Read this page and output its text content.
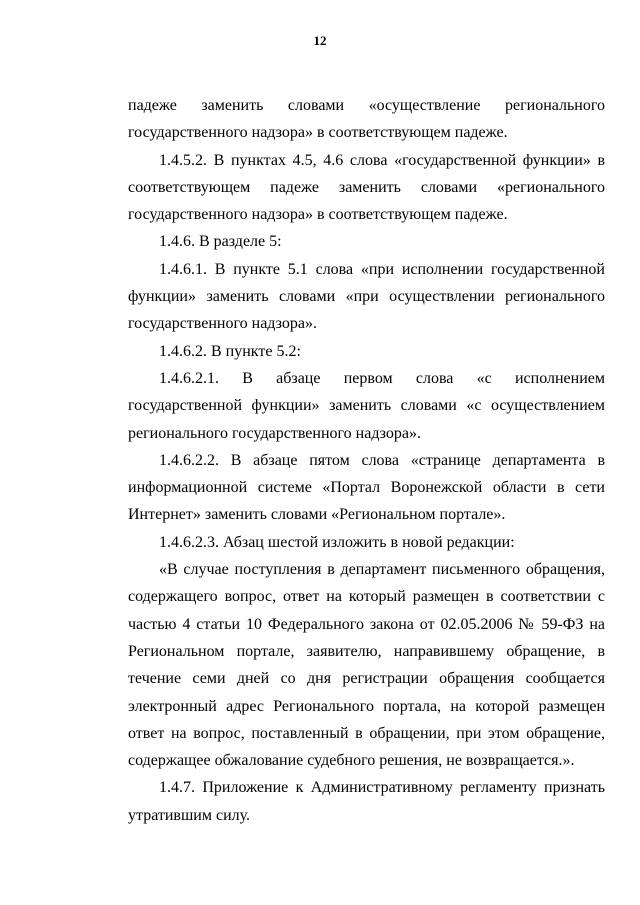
12

падеже заменить словами «осуществление регионального государственного надзора» в соответствующем падеже.

1.4.5.2. В пунктах 4.5, 4.6 слова «государственной функции» в соответствующем падеже заменить словами «регионального государственного надзора» в соответствующем падеже.

1.4.6. В разделе 5:

1.4.6.1. В пункте 5.1 слова «при исполнении государственной функции» заменить словами «при осуществлении регионального государственного надзора».

1.4.6.2. В пункте 5.2:

1.4.6.2.1. В абзаце первом слова «с исполнением государственной функции» заменить словами «с осуществлением регионального государственного надзора».

1.4.6.2.2. В абзаце пятом слова «странице департамента в информационной системе «Портал Воронежской области в сети Интернет» заменить словами «Региональном портале».

1.4.6.2.3. Абзац шестой изложить в новой редакции:

«В случае поступления в департамент письменного обращения, содержащего вопрос, ответ на который размещен в соответствии с частью 4 статьи 10 Федерального закона от 02.05.2006 № 59-ФЗ на Региональном портале, заявителю, направившему обращение, в течение семи дней со дня регистрации обращения сообщается электронный адрес Регионального портала, на которой размещен ответ на вопрос, поставленный в обращении, при этом обращение, содержащее обжалование судебного решения, не возвращается.».

1.4.7. Приложение к Административному регламенту признать утратившим силу.
